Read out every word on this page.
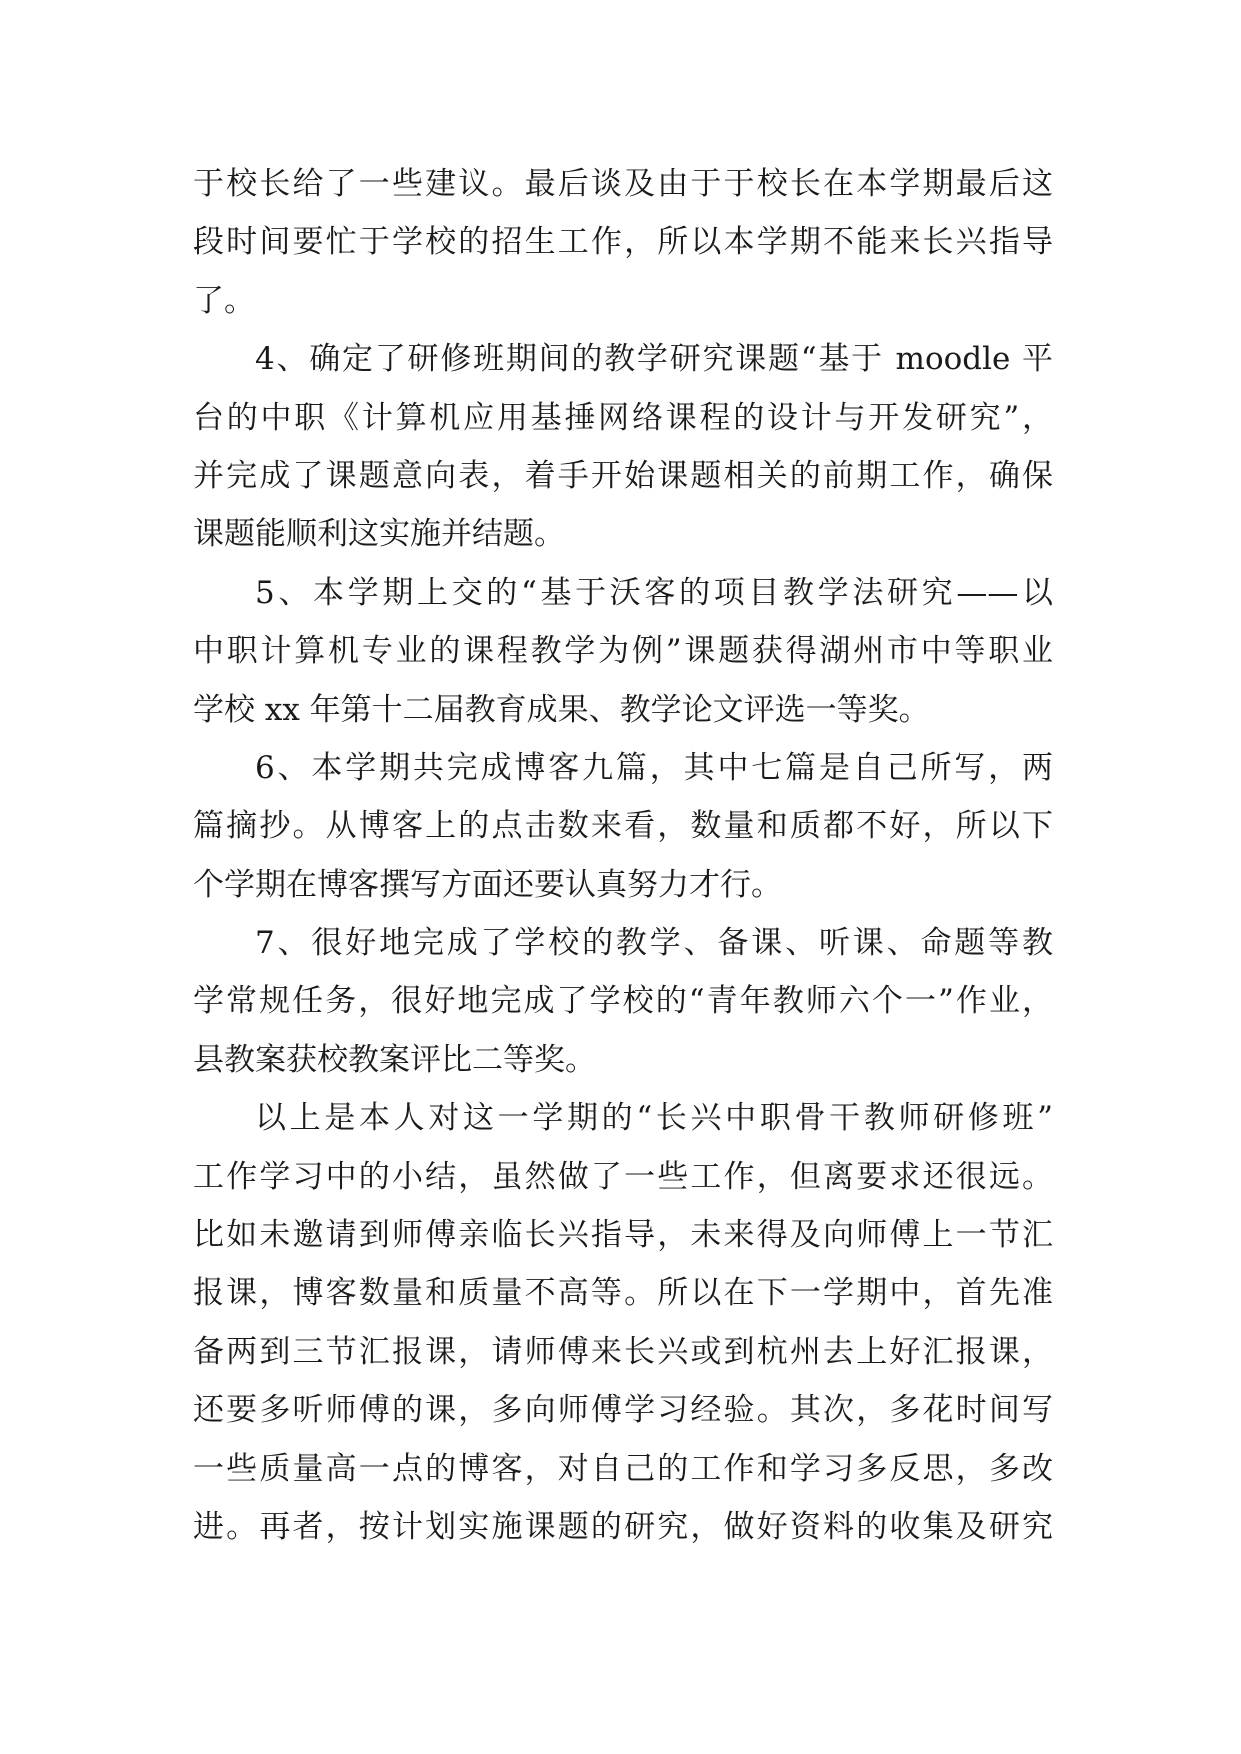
于校长给了一些建议。最后谈及由于于校长在本学期最后这
段时间要忙于学校的招生工作，所以本学期不能来长兴指导
了。
4、确定了研修班期间的教学研究课题“基于 moodle 平
台的中职《计算机应用基捶网络课程的设计与开发研究”，
并完成了课题意向表，着手开始课题相关的前期工作，确保
课题能顺利这实施并结题。
5、本学期上交的“基于沃客的项目教学法研究——以
中职计算机专业的课程教学为例”课题获得湖州市中等职业
学校 xx 年第十二届教育成果、教学论文评选一等奖。
6、本学期共完成博客九篇，其中七篇是自己所写，两
篇摘抄。从博客上的点击数来看，数量和质都不好，所以下
个学期在博客撰写方面还要认真努力才行。
7、很好地完成了学校的教学、备课、听课、命题等教
学常规任务，很好地完成了学校的“青年教师六个一”作业，
县教案获校教案评比二等奖。
以上是本人对这一学期的“长兴中职骨干教师研修班”
工作学习中的小结，虽然做了一些工作，但离要求还很远。
比如未邀请到师傅亲临长兴指导，未来得及向师傅上一节汇
报课，博客数量和质量不高等。所以在下一学期中，首先准
备两到三节汇报课，请师傅来长兴或到杭州去上好汇报课，
还要多听师傅的课，多向师傅学习经验。其次，多花时间写
一些质量高一点的博客，对自己的工作和学习多反思，多改
进。再者，按计划实施课题的研究，做好资料的收集及研究
